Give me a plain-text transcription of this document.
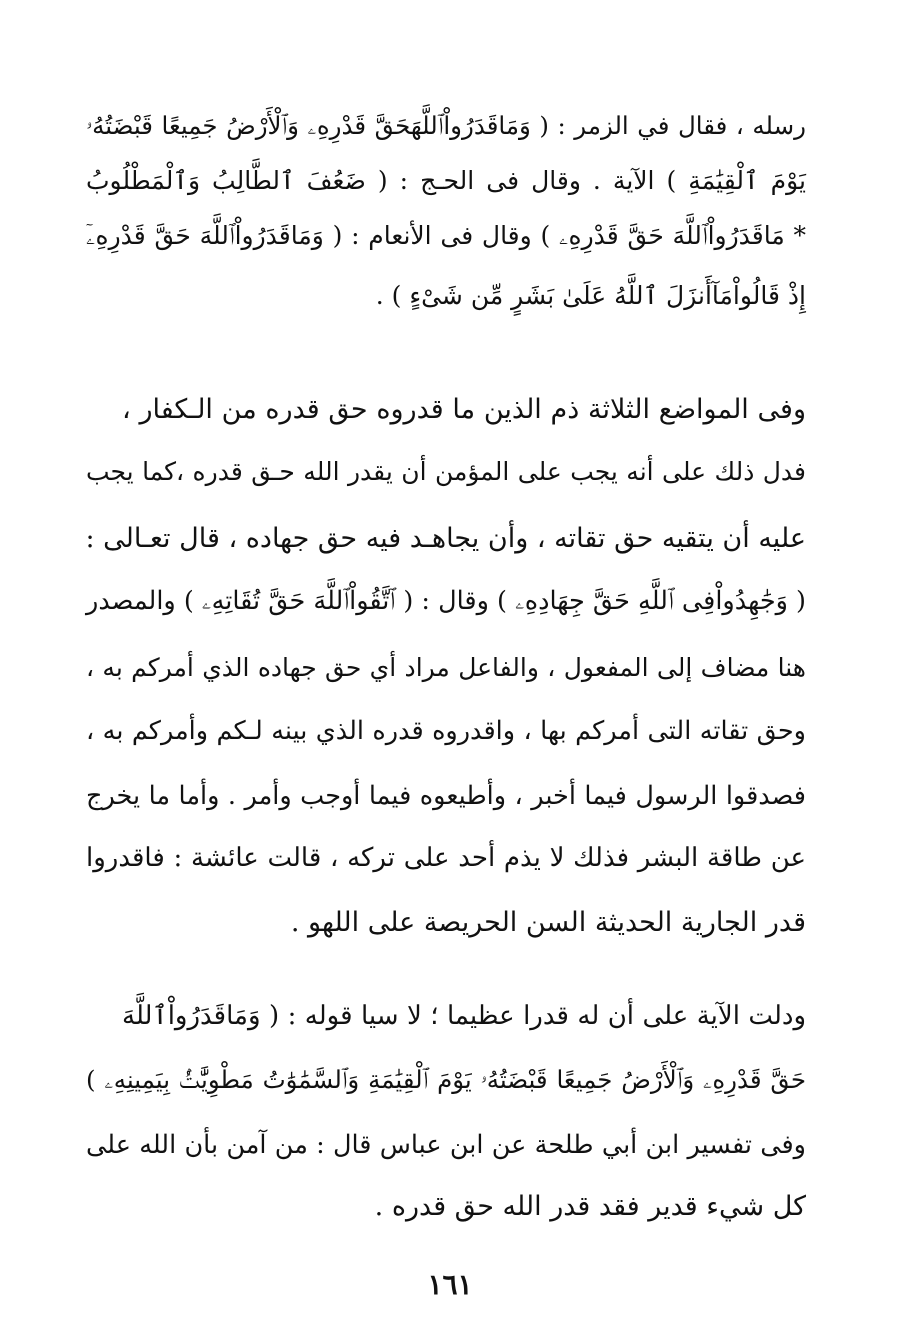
رسله ، فقال في الزمر : ( وَمَاقَدَرُواْٱللَّهَحَقَّ قَدْرِهِۦ وَٱلْأَرْضُ جَمِيعًا قَبْضَتُهُۥ
يَوْمَ ٱلْقِيَٰمَةِ ) الآية . وقال فى الحـج : ( ضَعُفَ ٱلطَّالِبُ وَٱلْمَطْلُوبُ
* مَاقَدَرُواْٱللَّهَ حَقَّ قَدْرِهِۦ ) وقال فى الأنعام : ( وَمَاقَدَرُواْٱللَّهَ حَقَّ قَدْرِهِۦٓ
إِذْ قَالُواْمَآأَنزَلَ ٱللَّهُ عَلَىٰ بَشَرٍ مِّن شَىْءٍ ) .
وفى المواضع الثلاثة ذم الذين ما قدروه حق قدره من الـكفار ،
فدل ذلك على أنه يجب على المؤمن أن يقدر الله حـق قدره ،كما يجب
عليه أن يتقيه حق تقاته ، وأن يجاهـد فيه حق جهاده ، قال تعـالى :
( وَجَٰهِدُواْفِى ٱللَّهِ حَقَّ جِهَادِهِۦ ) وقال : ( ٱتَّقُواْٱللَّهَ حَقَّ تُقَاتِهِۦ ) والمصدر
هنا مضاف إلى المفعول ، والفاعل مراد أي حق جهاده الذي أمركم به ،
وحق تقاته التى أمركم بها ، واقدروه قدره الذي بينه لـكم وأمركم به ،
فصدقوا الرسول فيما أخبر ، وأطيعوه فيما أوجب وأمر . وأما ما يخرج
عن طاقة البشر فذلك لا يذم أحد على تركه ، قالت عائشة : فاقدروا
قدر الجارية الحديثة السن الحريصة على اللهو .
ودلت الآية على أن له قدرا عظيما ؛ لا سيا قوله : ( وَمَاقَدَرُواْٱللَّهَ
حَقَّ قَدْرِهِۦ وَٱلْأَرْضُ جَمِيعًا قَبْضَتُهُۥ يَوْمَ ٱلْقِيَٰمَةِ وَٱلسَّمَٰوَٰتُ مَطْوِيَّٰتُۢ بِيَمِينِهِۦ )
وفى تفسير ابن أبي طلحة عن ابن عباس قال : من آمن بأن الله على
كل شيء قدير فقد قدر الله حق قدره .
١٦١
